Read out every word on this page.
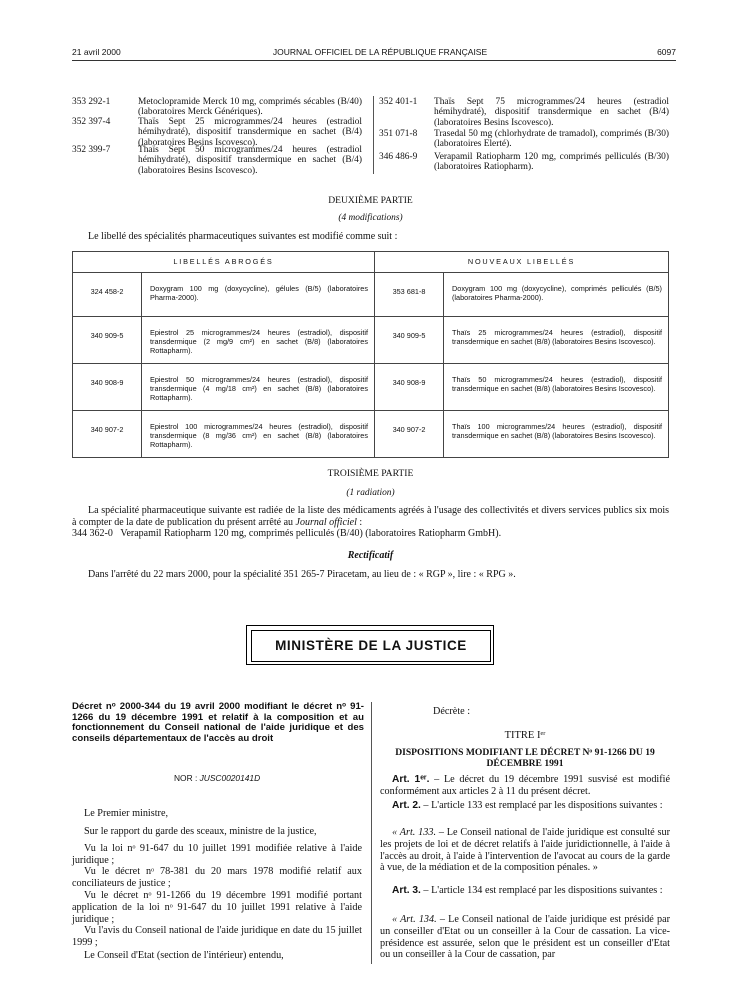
21 avril 2000	JOURNAL OFFICIEL DE LA RÉPUBLIQUE FRANÇAISE	6097
353 292-1	Metoclopramide Merck 10 mg, comprimés sécables (B/40) (laboratoires Merck Génériques).
352 397-4	Thaïs Sept 25 microgrammes/24 heures (estradiol hémihydraté), dispositif transdermique en sachet (B/4) (laboratoires Besins Iscovesco).
352 399-7	Thaïs Sept 50 microgrammes/24 heures (estradiol hémihydraté), dispositif transdermique en sachet (B/4) (laboratoires Besins Iscovesco).
352 401-1 Thaïs Sept 75 microgrammes/24 heures (estradiol hémihydraté), dispositif transdermique en sachet (B/4) (laboratoires Besins Iscovesco).
351 071-8 Trasedal 50 mg (chlorhydrate de tramadol), comprimés (B/30) (laboratoires Elerté).
346 486-9 Verapamil Ratiopharm 120 mg, comprimés pelliculés (B/30) (laboratoires Ratiopharm).
DEUXIÈME PARTIE
(4 modifications)
Le libellé des spécialités pharmaceutiques suivantes est modifié comme suit :
LIBELLÉS ABROGÉS		NOUVEAUX LIBELLÉS	
324 458-2	Doxygram 100 mg (doxycycline), gélules (B/5) (laboratoires Pharma-2000).	353 681-8	Doxygram 100 mg (doxycycline), comprimés pelliculés (B/5) (laboratoires Pharma-2000).
340 909-5	Epiestrol 25 microgrammes/24 heures (estradiol), dispositif transdermique (2 mg/9 cm²) en sachet (B/8) (laboratoires Rottapharm).	340 909-5	Thaïs 25 microgrammes/24 heures (estradiol), dispositif transdermique en sachet (B/8) (laboratoires Besins Iscovesco).
340 908-9	Epiestrol 50 microgrammes/24 heures (estradiol), dispositif transdermique (4 mg/18 cm²) en sachet (B/8) (laboratoires Rottapharm).	340 908-9	Thaïs 50 microgrammes/24 heures (estradiol), dispositif transdermique en sachet (B/8) (laboratoires Besins Iscovesco).
340 907-2	Epiestrol 100 microgrammes/24 heures (estradiol), dispositif transdermique (8 mg/36 cm²) en sachet (B/8) (laboratoires Rottapharm).	340 907-2	Thaïs 100 microgrammes/24 heures (estradiol), dispositif transdermique en sachet (B/8) (laboratoires Besins Iscovesco).
TROISIÈME PARTIE
(1 radiation)
La spécialité pharmaceutique suivante est radiée de la liste des médicaments agréés à l'usage des collectivités et divers services publics six mois à compter de la date de publication du présent arrêté au Journal officiel :
344 362-0 Verapamil Ratiopharm 120 mg, comprimés pelliculés (B/40) (laboratoires Ratiopharm GmbH).
Rectificatif
Dans l'arrêté du 22 mars 2000, pour la spécialité 351 265-7 Piracetam, au lieu de : « RGP », lire : « RPG ».
MINISTÈRE DE LA JUSTICE
Décret nᵒ 2000-344 du 19 avril 2000 modifiant le décret nᵒ 91-1266 du 19 décembre 1991 et relatif à la composition et au fonctionnement du Conseil national de l'aide juridique et des conseils départementaux de l'accès au droit
NOR : JUSC0020141D
Le Premier ministre,
Sur le rapport du garde des sceaux, ministre de la justice,
Vu la loi nᵒ 91-647 du 10 juillet 1991 modifiée relative à l'aide juridique ;
Vu le décret nᵒ 78-381 du 20 mars 1978 modifié relatif aux conciliateurs de justice ;
Vu le décret nᵒ 91-1266 du 19 décembre 1991 modifié portant application de la loi nᵒ 91-647 du 10 juillet 1991 relative à l'aide juridique ;
Vu l'avis du Conseil national de l'aide juridique en date du 15 juillet 1999 ;
Le Conseil d'Etat (section de l'intérieur) entendu,
Décrète :
TITRE Iᵉʳ
DISPOSITIONS MODIFIANT LE DÉCRET Nᵒ 91-1266 DU 19 DÉCEMBRE 1991
Art. 1ᵉʳ. – Le décret du 19 décembre 1991 susvisé est modifié conformément aux articles 2 à 11 du présent décret.
Art. 2. – L'article 133 est remplacé par les dispositions suivantes :
« Art. 133. – Le Conseil national de l'aide juridique est consulté sur les projets de loi et de décret relatifs à l'aide juridictionnelle, à l'aide à l'accès au droit, à l'aide à l'intervention de l'avocat au cours de la garde à vue, de la médiation et de la composition pénales. »
Art. 3. – L'article 134 est remplacé par les dispositions suivantes :
« Art. 134. – Le Conseil national de l'aide juridique est présidé par un conseiller d'Etat ou un conseiller à la Cour de cassation. La vice-présidence est assurée, selon que le président est un conseiller d'Etat ou un conseiller à la Cour de cassation, par
